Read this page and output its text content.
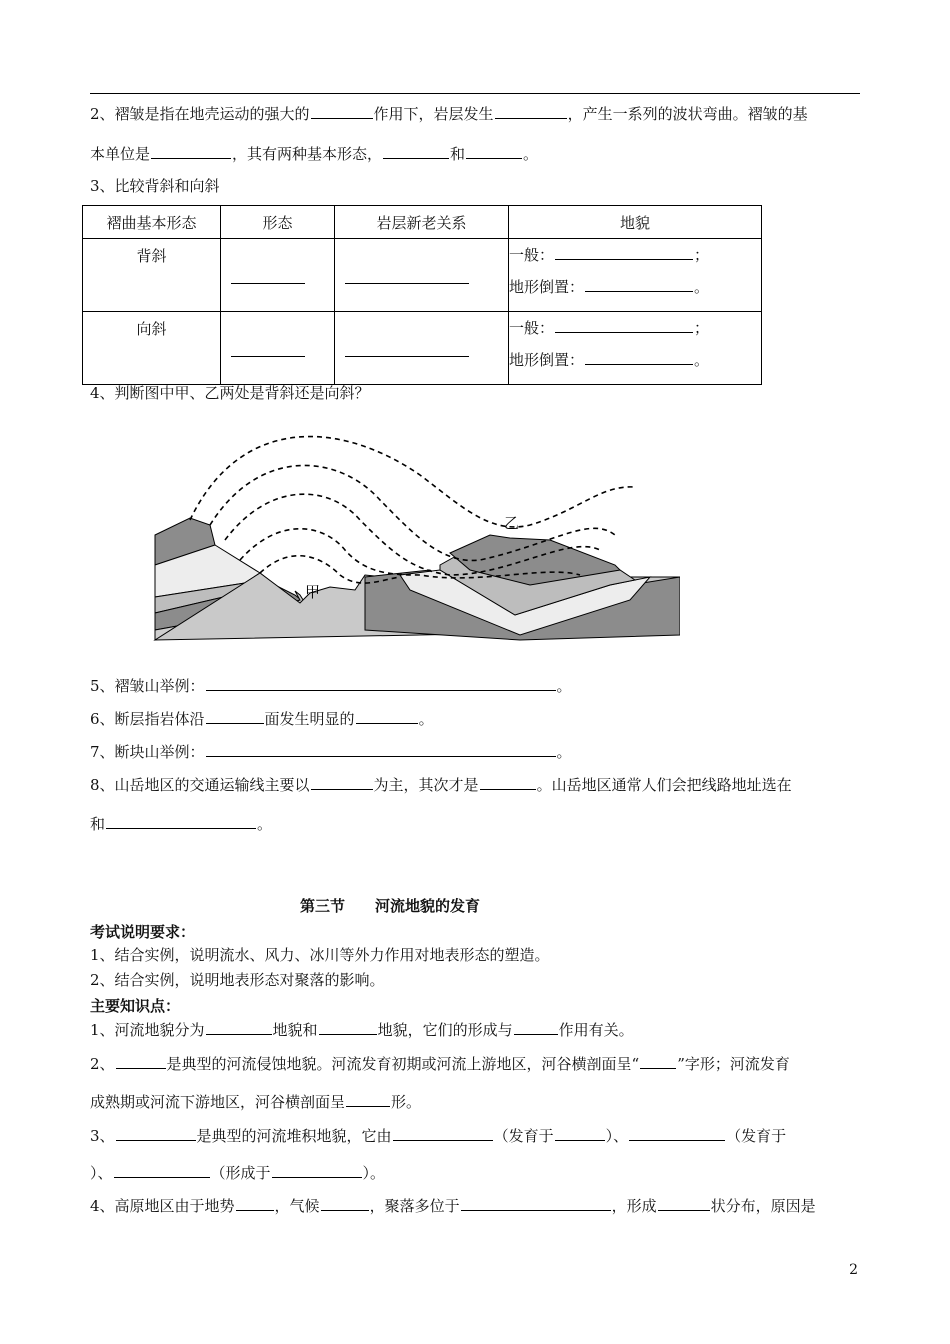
2、褶皱是指在地壳运动的强大的	作用下，岩层发生	，产生一系列的波状弯曲。褶皱的基
本单位是	，其有两种基本形态，	和	。
3、比较背斜和向斜
褶曲基本形态	形态	岩层新老关系	地貌
背斜			一般： ；
地形倒置： 。

向斜			一般： ；
地形倒置： 。
4、判断图中甲、乙两处是背斜还是向斜？
甲
乙
5、褶皱山举例：	。
6、断层指岩体沿	面发生明显的	。
7、断块山举例：	。
8、山岳地区的交通运输线主要以	为主，其次才是	。山岳地区通常人们会把线路地址选在
和	。
第三节　　河流地貌的发育
考试说明要求：
1、结合实例，说明流水、风力、冰川等外力作用对地表形态的塑造。
2、结合实例，说明地表形态对聚落的影响。
主要知识点：
1、河流地貌分为	地貌和	地貌，它们的形成与	作用有关。
2、	是典型的河流侵蚀地貌。河流发育初期或河流上游地区，河谷横剖面呈“	”字形；河流发育
成熟期或河流下游地区，河谷横剖面呈	形。
3、	是典型的河流堆积地貌，它由	（发育于	）、	（发育于
）、	（形成于	）。
4、高原地区由于地势	，气候	，聚落多位于	，形成	状分布，原因是
2
